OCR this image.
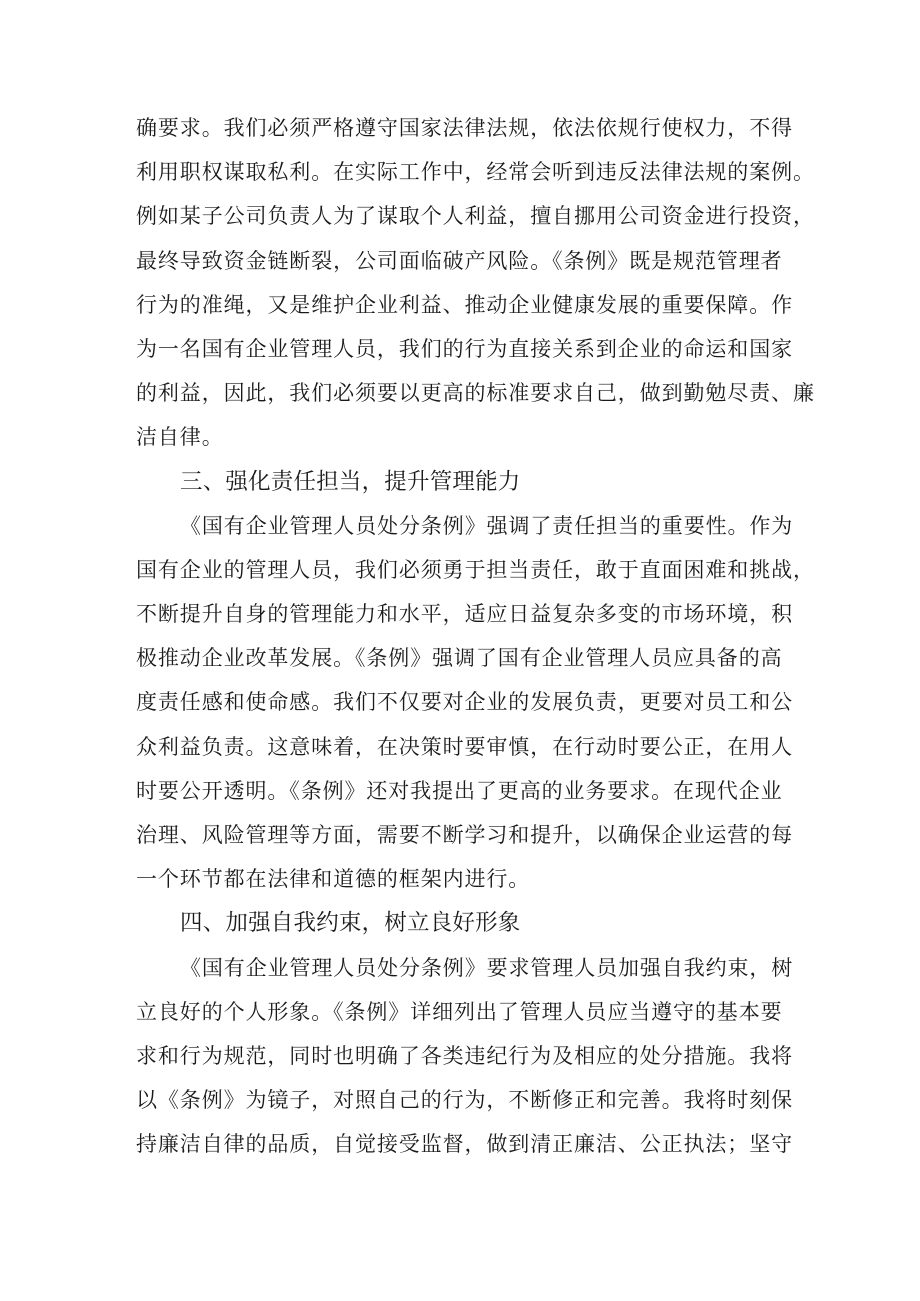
确要求。我们必须严格遵守国家法律法规，依法依规行使权力，不得
利用职权谋取私利。在实际工作中，经常会听到违反法律法规的案例。
例如某子公司负责人为了谋取个人利益，擅自挪用公司资金进行投资，
最终导致资金链断裂，公司面临破产风险。《条例》既是规范管理者
行为的准绳，又是维护企业利益、推动企业健康发展的重要保障。作
为一名国有企业管理人员，我们的行为直接关系到企业的命运和国家
的利益，因此，我们必须要以更高的标准要求自己，做到勤勉尽责、廉
洁自律。
三、强化责任担当，提升管理能力
《国有企业管理人员处分条例》强调了责任担当的重要性。作为
国有企业的管理人员，我们必须勇于担当责任，敢于直面困难和挑战，
不断提升自身的管理能力和水平，适应日益复杂多变的市场环境，积
极推动企业改革发展。《条例》强调了国有企业管理人员应具备的高
度责任感和使命感。我们不仅要对企业的发展负责，更要对员工和公
众利益负责。这意味着，在决策时要审慎，在行动时要公正，在用人
时要公开透明。《条例》还对我提出了更高的业务要求。在现代企业
治理、风险管理等方面，需要不断学习和提升，以确保企业运营的每
一个环节都在法律和道德的框架内进行。
四、加强自我约束，树立良好形象
《国有企业管理人员处分条例》要求管理人员加强自我约束，树
立良好的个人形象。《条例》详细列出了管理人员应当遵守的基本要
求和行为规范，同时也明确了各类违纪行为及相应的处分措施。我将
以《条例》为镜子，对照自己的行为，不断修正和完善。我将时刻保
持廉洁自律的品质，自觉接受监督，做到清正廉洁、公正执法；坚守
